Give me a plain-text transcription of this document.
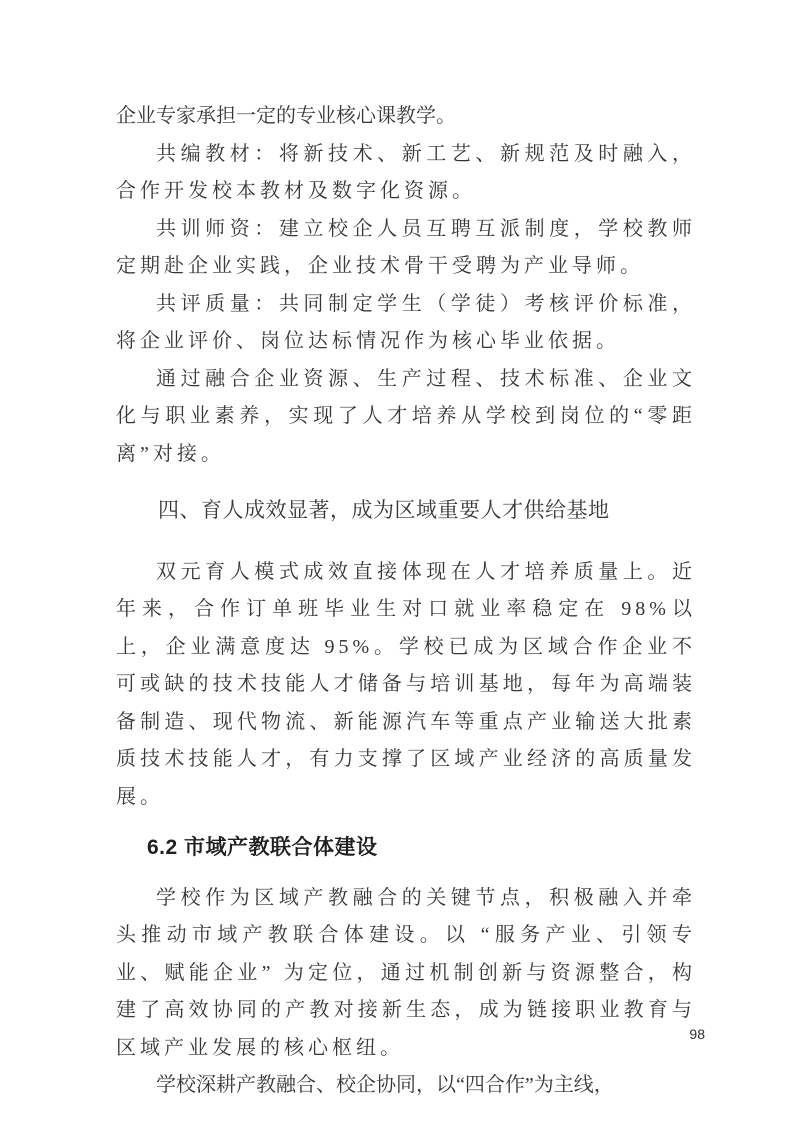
企业专家承担一定的专业核心课教学。

共编教材：将新技术、新工艺、新规范及时融入，合作开发校本教材及数字化资源。

共训师资：建立校企人员互聘互派制度，学校教师定期赴企业实践，企业技术骨干受聘为产业导师。

共评质量：共同制定学生（学徒）考核评价标准，将企业评价、岗位达标情况作为核心毕业依据。

通过融合企业资源、生产过程、技术标准、企业文化与职业素养，实现了人才培养从学校到岗位的“零距离”对接。

四、育人成效显著，成为区域重要人才供给基地

双元育人模式成效直接体现在人才培养质量上。近年来，合作订单班毕业生对口就业率稳定在 98%以上，企业满意度达 95%。学校已成为区域合作企业不可或缺的技术技能人才储备与培训基地，每年为高端装备制造、现代物流、新能源汽车等重点产业输送大批素质技术技能人才，有力支撑了区域产业经济的高质量发展。

6.2 市域产教联合体建设

学校作为区域产教融合的关键节点，积极融入并牵头推动市域产教联合体建设。以 “服务产业、引领专业、赋能企业” 为定位，通过机制创新与资源整合，构建了高效协同的产教对接新生态，成为链接职业教育与区域产业发展的核心枢纽。

学校深耕产教融合、校企协同，以“四合作”为主线，

98
